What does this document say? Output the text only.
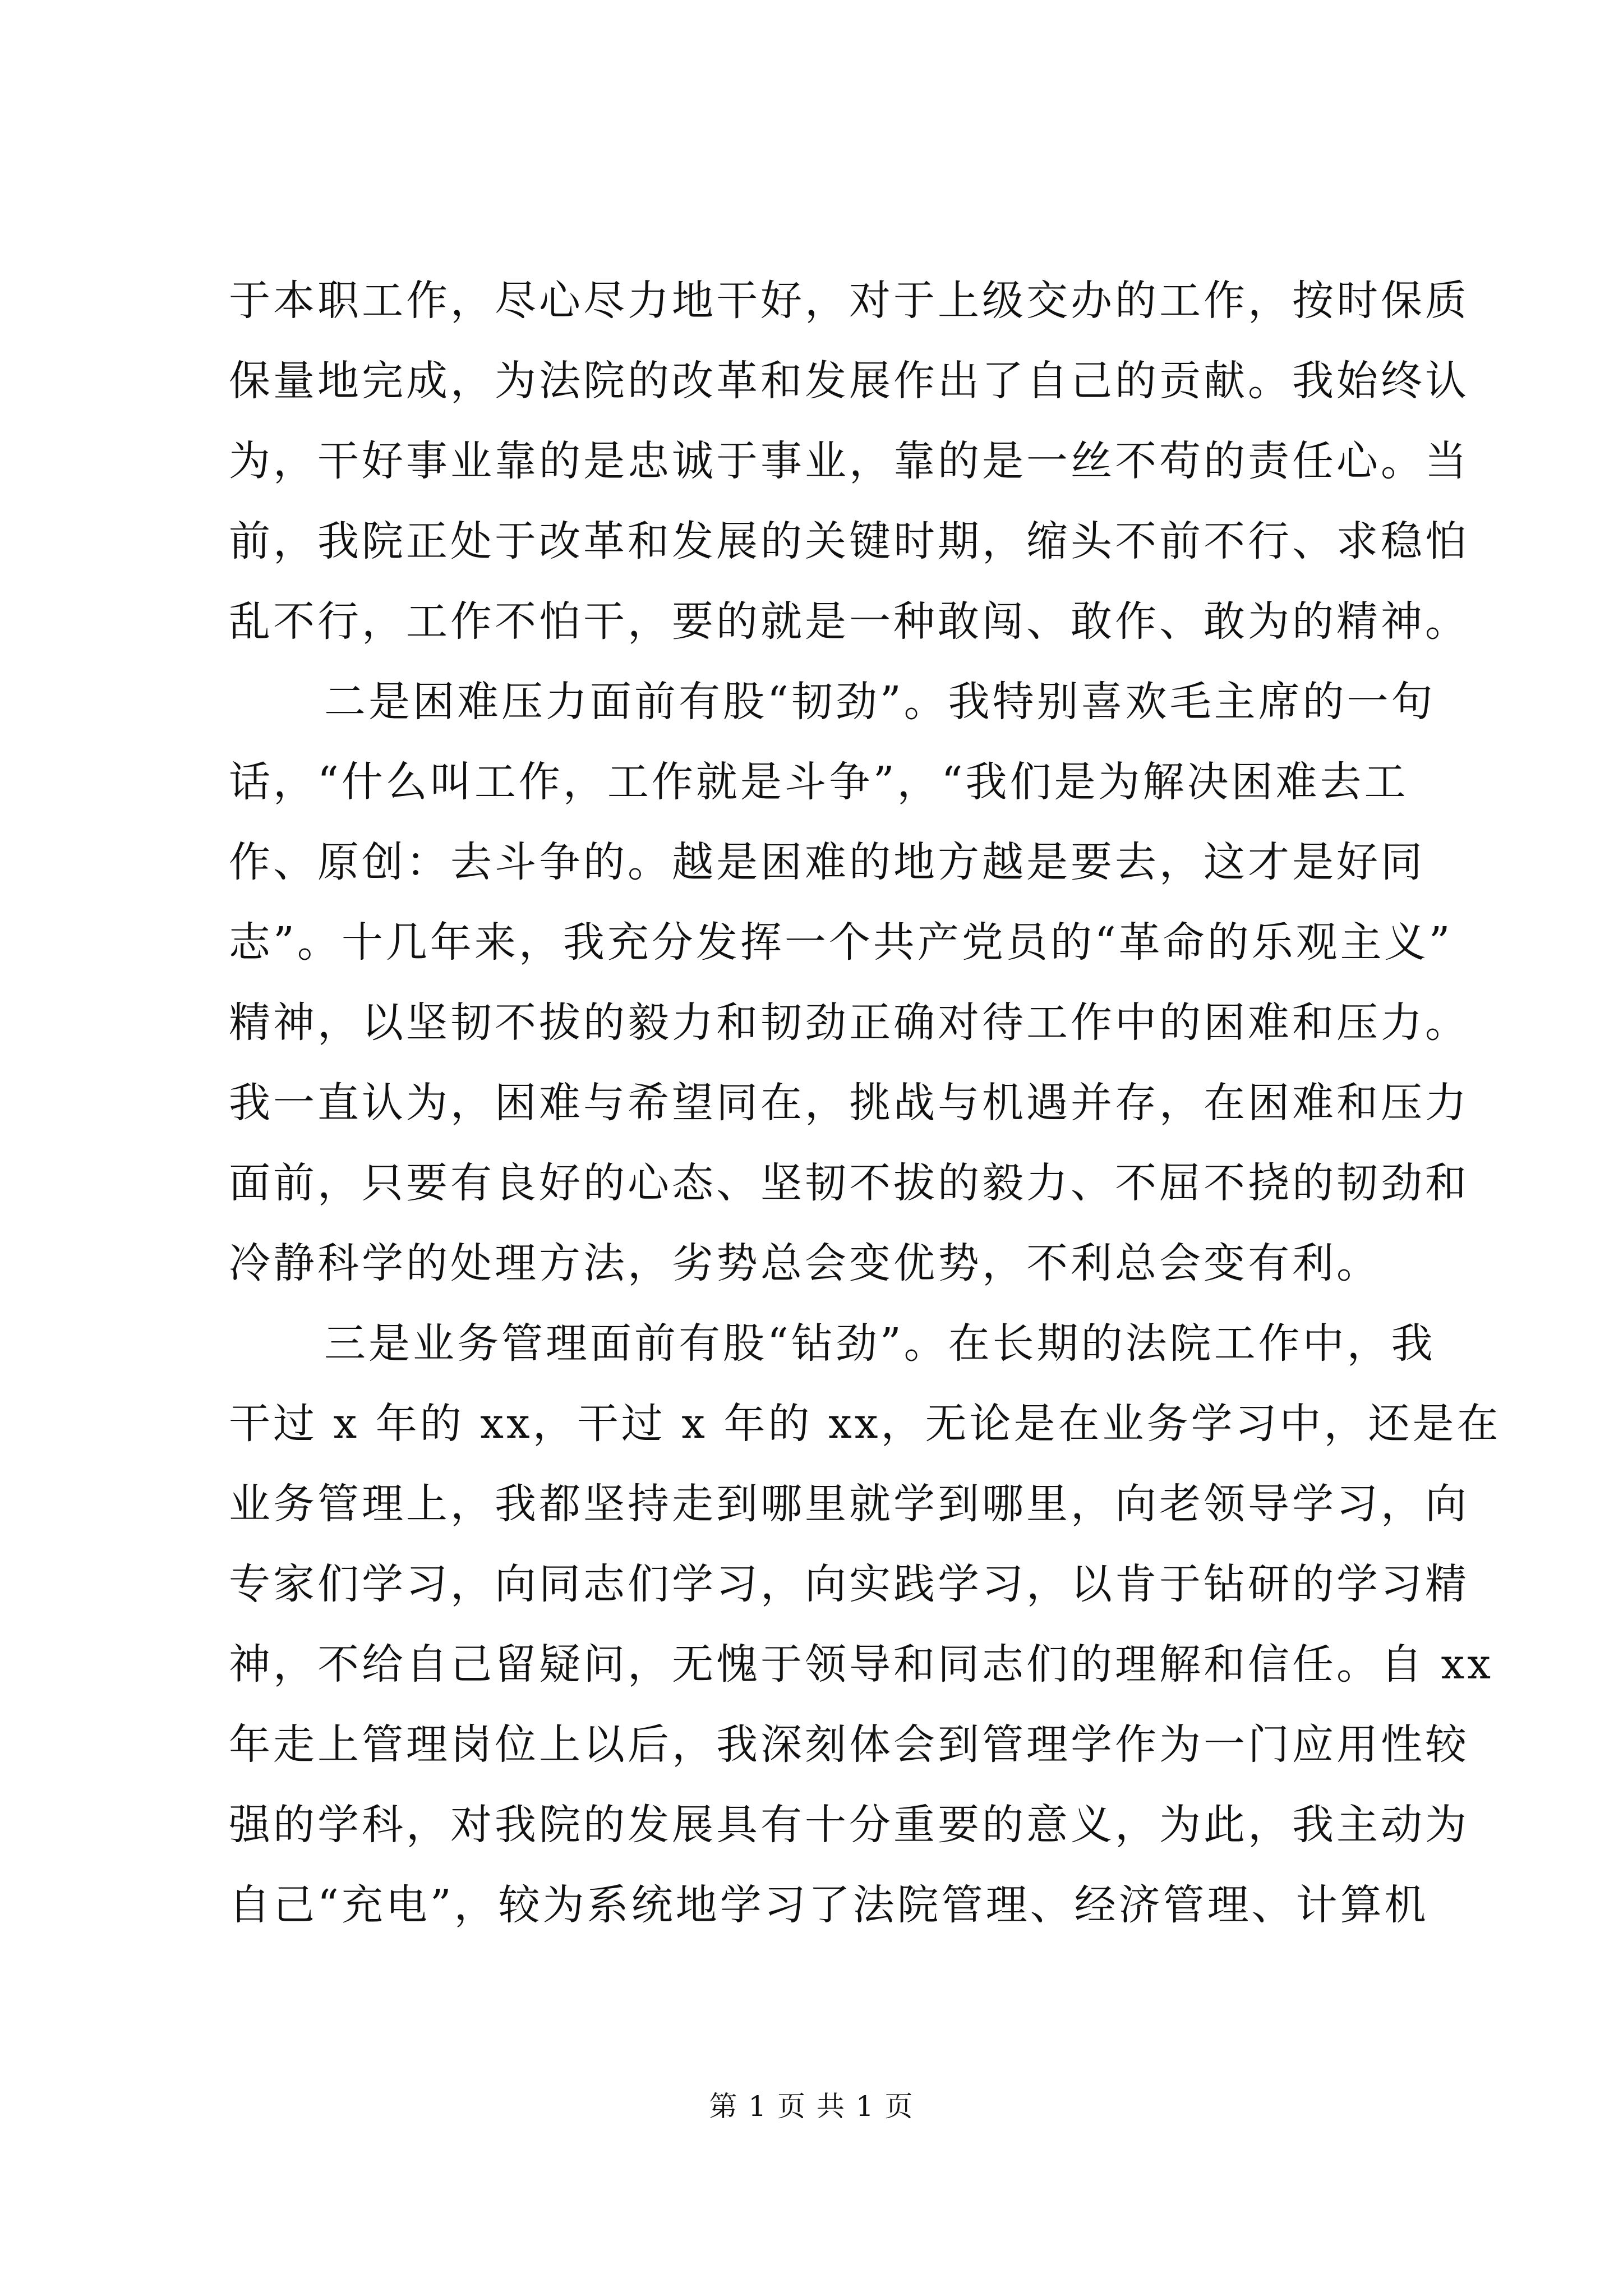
于本职工作，尽心尽力地干好，对于上级交办的工作，按时保质
保量地完成，为法院的改革和发展作出了自己的贡献。我始终认
为，干好事业靠的是忠诚于事业，靠的是一丝不苟的责任心。当
前，我院正处于改革和发展的关键时期，缩头不前不行、求稳怕
乱不行，工作不怕干，要的就是一种敢闯、敢作、敢为的精神。
二是困难压力面前有股“韧劲”。我特别喜欢毛主席的一句
话，“什么叫工作，工作就是斗争”，“我们是为解决困难去工
作、原创：去斗争的。越是困难的地方越是要去，这才是好同
志”。十几年来，我充分发挥一个共产党员的“革命的乐观主义”
精神，以坚韧不拔的毅力和韧劲正确对待工作中的困难和压力。
我一直认为，困难与希望同在，挑战与机遇并存，在困难和压力
面前，只要有良好的心态、坚韧不拔的毅力、不屈不挠的韧劲和
冷静科学的处理方法，劣势总会变优势，不利总会变有利。
三是业务管理面前有股“钻劲”。在长期的法院工作中，我
干过 x 年的 xx，干过 x 年的 xx，无论是在业务学习中，还是在
业务管理上，我都坚持走到哪里就学到哪里，向老领导学习，向
专家们学习，向同志们学习，向实践学习，以肯于钻研的学习精
神，不给自己留疑问，无愧于领导和同志们的理解和信任。自 xx
年走上管理岗位上以后，我深刻体会到管理学作为一门应用性较
强的学科，对我院的发展具有十分重要的意义，为此，我主动为
自己“充电”，较为系统地学习了法院管理、经济管理、计算机
第 1 页 共 1 页
